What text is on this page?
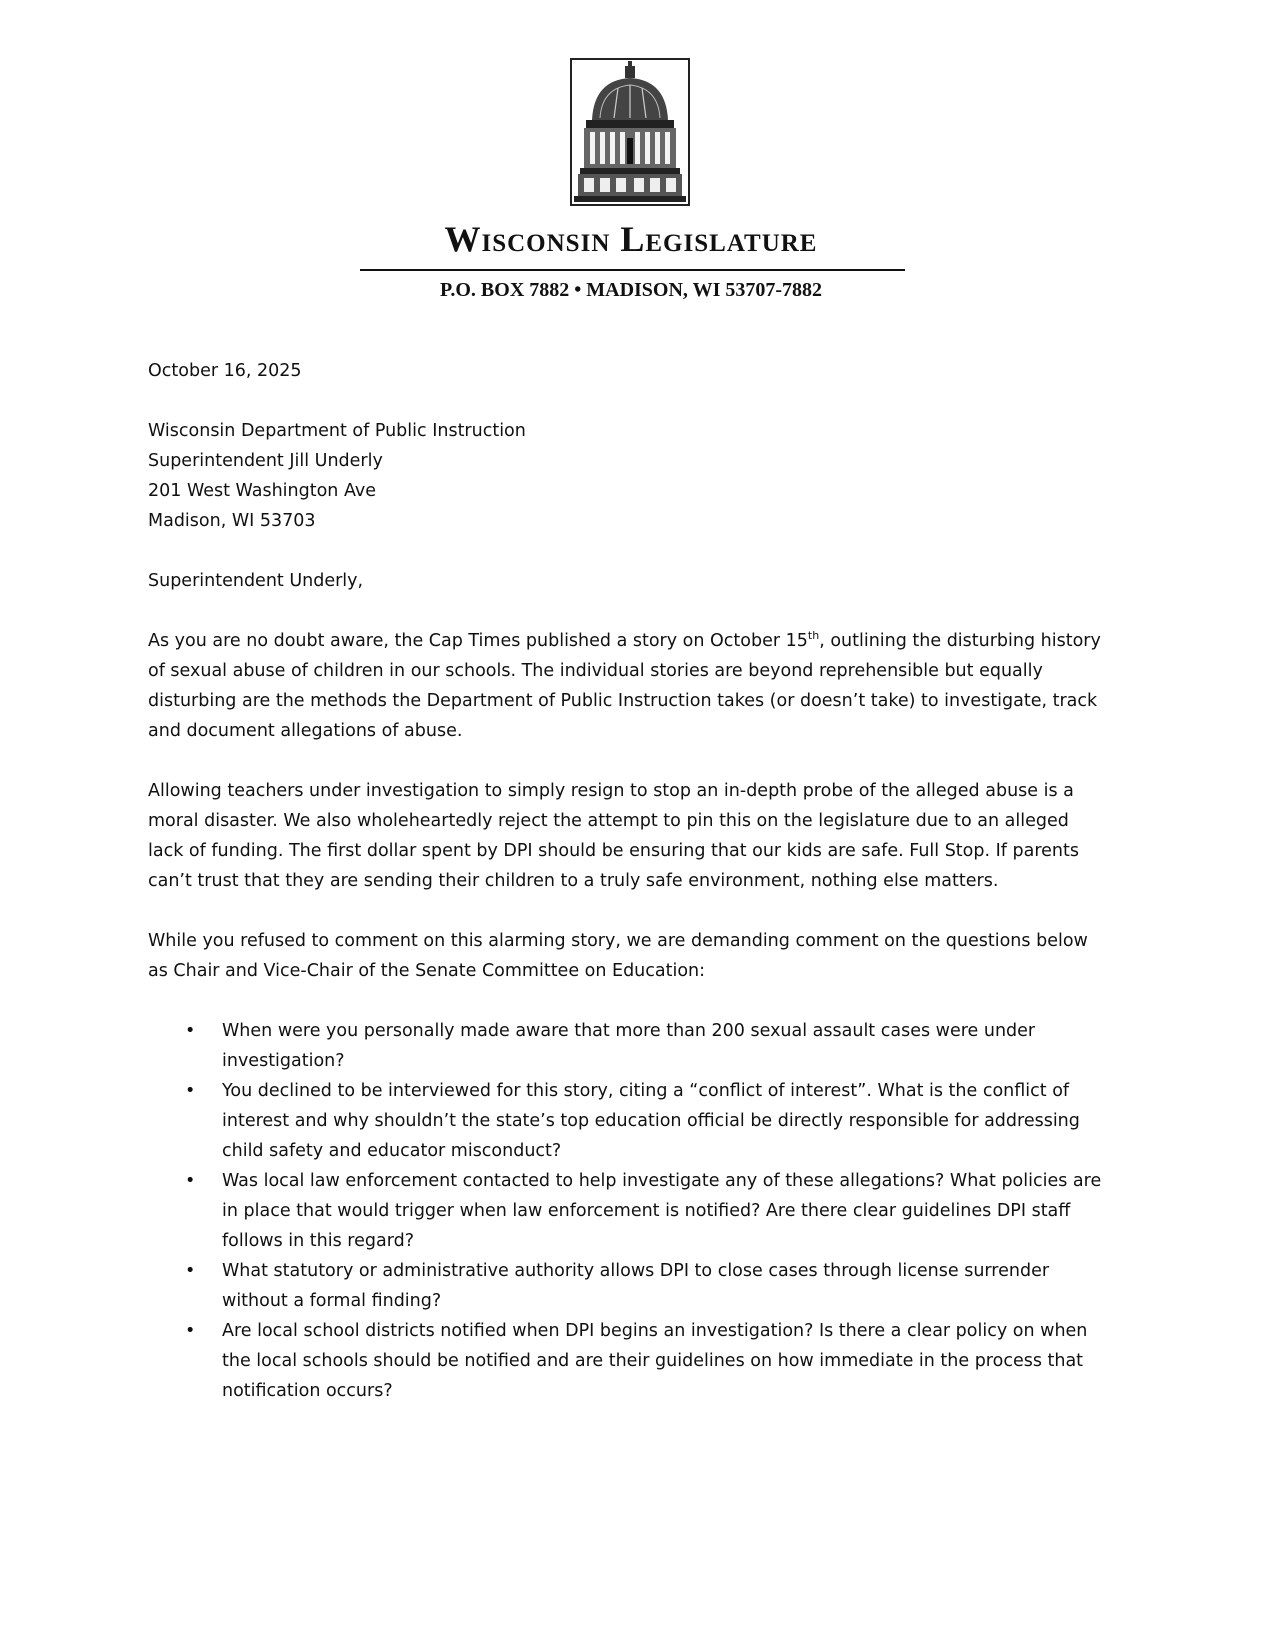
Wisconsin Legislature
P.O. BOX 7882 • MADISON, WI 53707-7882

October 16, 2025

Wisconsin Department of Public Instruction
Superintendent Jill Underly
201 West Washington Ave
Madison, WI 53703

Superintendent Underly,

As you are no doubt aware, the Cap Times published a story on October 15th, outlining the disturbing history of sexual abuse of children in our schools. The individual stories are beyond reprehensible but equally disturbing are the methods the Department of Public Instruction takes (or doesn’t take) to investigate, track and document allegations of abuse.

Allowing teachers under investigation to simply resign to stop an in-depth probe of the alleged abuse is a moral disaster. We also wholeheartedly reject the attempt to pin this on the legislature due to an alleged lack of funding. The first dollar spent by DPI should be ensuring that our kids are safe. Full Stop. If parents can’t trust that they are sending their children to a truly safe environment, nothing else matters.

While you refused to comment on this alarming story, we are demanding comment on the questions below as Chair and Vice-Chair of the Senate Committee on Education:

• When were you personally made aware that more than 200 sexual assault cases were under investigation?
• You declined to be interviewed for this story, citing a “conflict of interest”. What is the conflict of interest and why shouldn’t the state’s top education official be directly responsible for addressing child safety and educator misconduct?
• Was local law enforcement contacted to help investigate any of these allegations? What policies are in place that would trigger when law enforcement is notified? Are there clear guidelines DPI staff follows in this regard?
• What statutory or administrative authority allows DPI to close cases through license surrender without a formal finding?
• Are local school districts notified when DPI begins an investigation? Is there a clear policy on when the local schools should be notified and are their guidelines on how immediate in the process that notification occurs?
